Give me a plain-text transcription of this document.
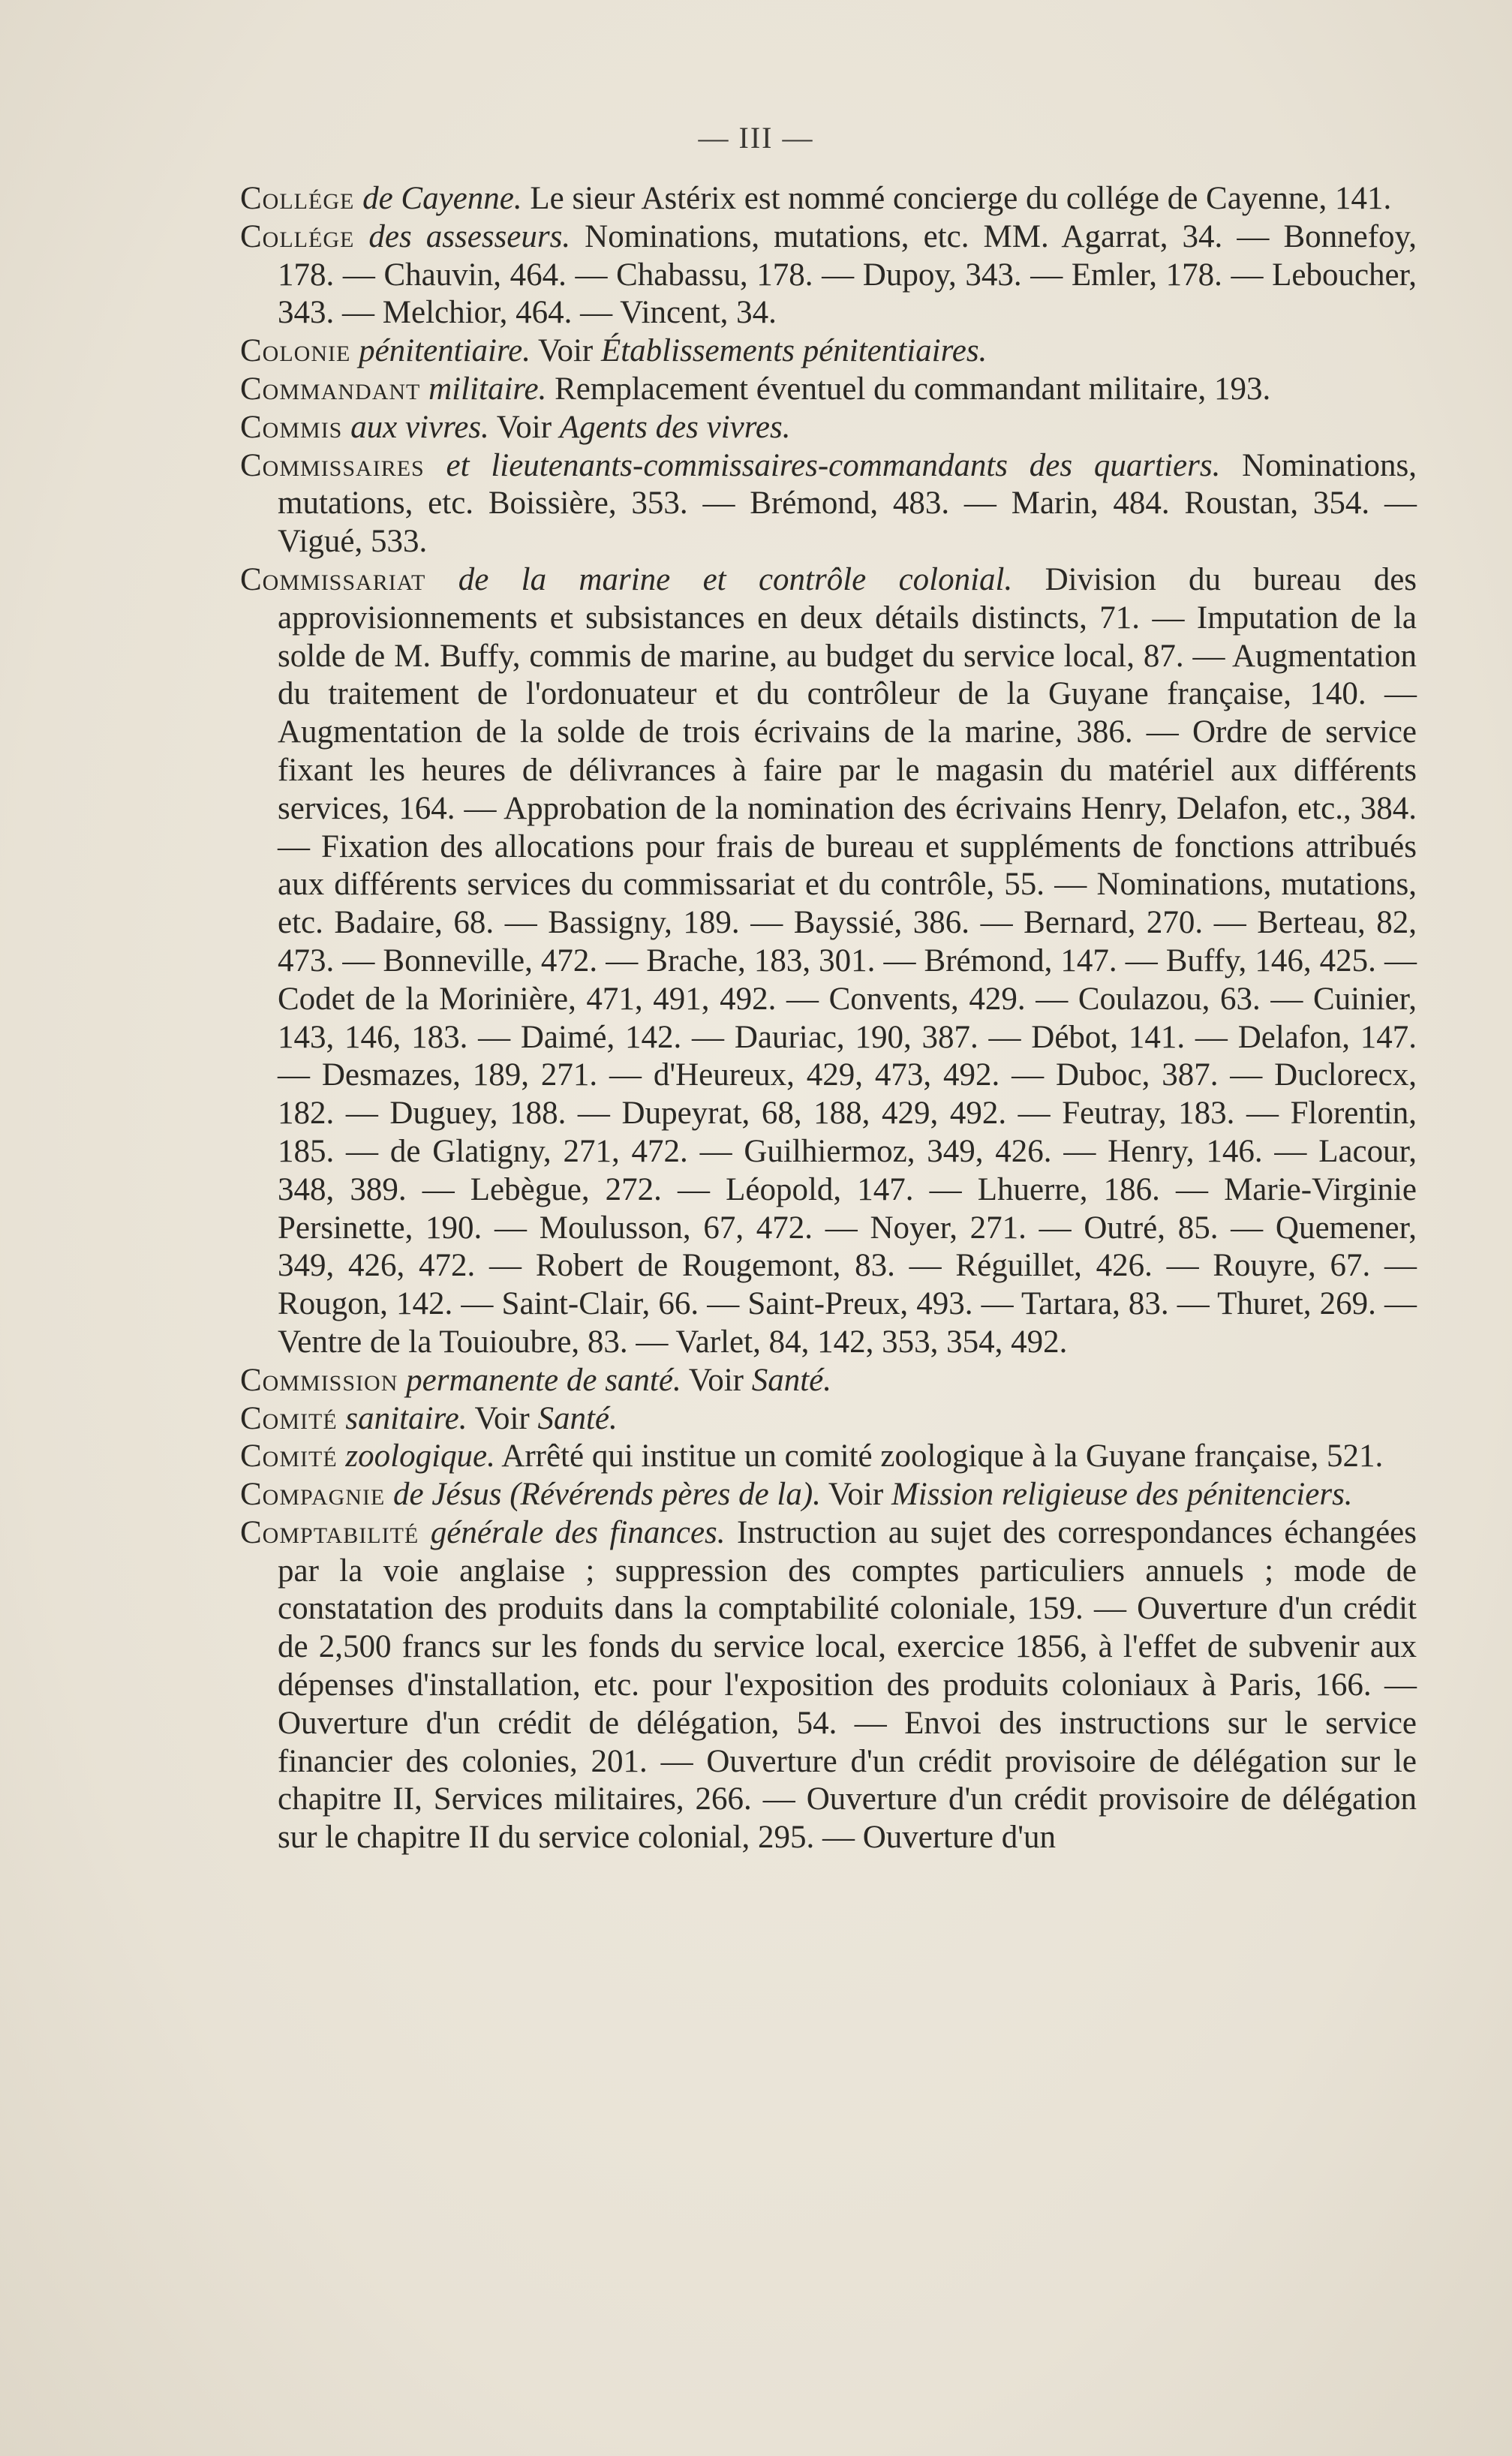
— III —

Collége de Cayenne. Le sieur Astérix est nommé concierge du collége de Cayenne, 141.

Collége des assesseurs. Nominations, mutations, etc. MM. Agarrat, 34. — Bonnefoy, 178. — Chauvin, 464. — Chabassu, 178. — Dupoy, 343. — Emler, 178. — Leboucher, 343. — Melchior, 464. — Vincent, 34.

Colonie pénitentiaire. Voir Établissements pénitentiaires.

Commandant militaire. Remplacement éventuel du commandant militaire, 193.

Commis aux vivres. Voir Agents des vivres.

Commissaires et lieutenants-commissaires-commandants des quartiers. Nominations, mutations, etc. Boissière, 353. — Brémond, 483. — Marin, 484. Roustan, 354. — Vigué, 533.

Commissariat de la marine et contrôle colonial. Division du bureau des approvisionnements et subsistances en deux détails distincts, 71. — Imputation de la solde de M. Buffy, commis de marine, au budget du service local, 87. — Augmentation du traitement de l'ordonuateur et du contrôleur de la Guyane française, 140. — Augmentation de la solde de trois écrivains de la marine, 386. — Ordre de service fixant les heures de délivrances à faire par le magasin du matériel aux différents services, 164. — Approbation de la nomination des écrivains Henry, Delafon, etc., 384. — Fixation des allocations pour frais de bureau et suppléments de fonctions attribués aux différents services du commissariat et du contrôle, 55. — Nominations, mutations, etc. Badaire, 68. — Bassigny, 189. — Bayssié, 386. — Bernard, 270. — Berteau, 82, 473. — Bonneville, 472. — Brache, 183, 301. — Brémond, 147. — Buffy, 146, 425. — Codet de la Morinière, 471, 491, 492. — Convents, 429. — Coulazou, 63. — Cuinier, 143, 146, 183. — Daimé, 142. — Dauriac, 190, 387. — Débot, 141. — Delafon, 147. — Desmazes, 189, 271. — d'Heureux, 429, 473, 492. — Duboc, 387. — Duclorecx, 182. — Duguey, 188. — Dupeyrat, 68, 188, 429, 492. — Feutray, 183. — Florentin, 185. — de Glatigny, 271, 472. — Guilhiermoz, 349, 426. — Henry, 146. — Lacour, 348, 389. — Lebègue, 272. — Léopold, 147. — Lhuerre, 186. — Marie-Virginie Persinette, 190. — Moulusson, 67, 472. — Noyer, 271. — Outré, 85. — Quemener, 349, 426, 472. — Robert de Rougemont, 83. — Réguillet, 426. — Rouyre, 67. — Rougon, 142. — Saint-Clair, 66. — Saint-Preux, 493. — Tartara, 83. — Thuret, 269. — Ventre de la Touioubre, 83. — Varlet, 84, 142, 353, 354, 492.

Commission permanente de santé. Voir Santé.

Comité sanitaire. Voir Santé.

Comité zoologique. Arrêté qui institue un comité zoologique à la Guyane française, 521.

Compagnie de Jésus (Révérends pères de la). Voir Mission religieuse des pénitenciers.

Comptabilité générale des finances. Instruction au sujet des correspondances échangées par la voie anglaise ; suppression des comptes particuliers annuels ; mode de constatation des produits dans la comptabilité coloniale, 159. — Ouverture d'un crédit de 2,500 francs sur les fonds du service local, exercice 1856, à l'effet de subvenir aux dépenses d'installation, etc. pour l'exposition des produits coloniaux à Paris, 166. — Ouverture d'un crédit de délégation, 54. — Envoi des instructions sur le service financier des colonies, 201. — Ouverture d'un crédit provisoire de délégation sur le chapitre II, Services militaires, 266. — Ouverture d'un crédit provisoire de délégation sur le chapitre II du service colonial, 295. — Ouverture d'un
